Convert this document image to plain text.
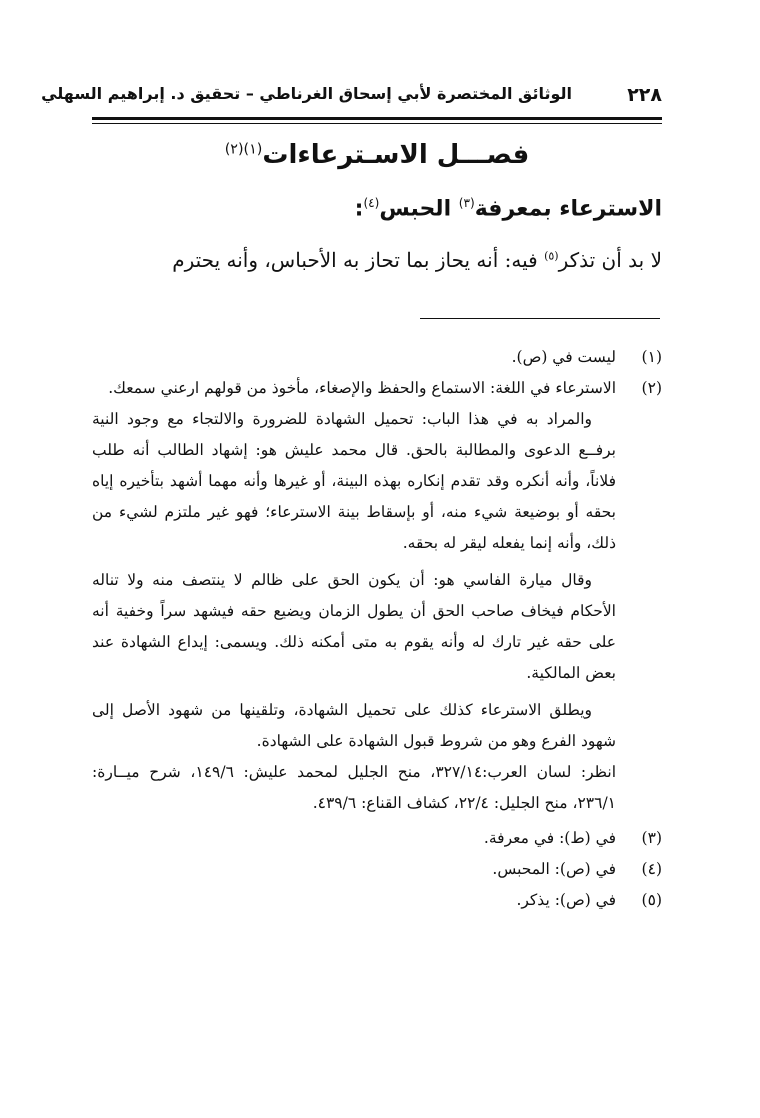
٢٢٨
الوثائق المختصرة لأبي إسحاق الغرناطي – تحقيق د. إبراهيم السهلي
فصـــل الاسـترعاءات$^{(١)(٢)}$
الاسترعاء بمعرفة$^{(٣)}$ الحبس$^{(٤)}$:
لا بد أن تذكر$^{(٥)}$ فيه: أنه يحاز بما تحاز به الأحباس، وأنه يحترم
(١)
ليست في (ص).
(٢)

الاسترعاء في اللغة: الاستماع والحفظ والإصغاء، مأخوذ من قولهم ارعني سمعك.

والمراد به في هذا الباب: تحميل الشهادة للضرورة والالتجاء مع وجود النية برفــع الدعوى والمطالبة بالحق. قال محمد عليش هو: إشهاد الطالب أنه طلب فلاناً، وأنه أنكره وقد تقدم إنكاره بهذه البينة، أو غيرها وأنه مهما أشهد بتأخيره إياه بحقه أو بوضيعة شيء منه، أو بإسقاط بينة الاسترعاء؛ فهو غير ملتزم لشيء من ذلك، وأنه إنما يفعله ليقر له بحقه.

وقال ميارة الفاسي هو: أن يكون الحق على ظالم لا ينتصف منه ولا تناله الأحكام فيخاف صاحب الحق أن يطول الزمان ويضيع حقه فيشهد سراً وخفية أنه على حقه غير تارك له وأنه يقوم به متى أمكنه ذلك. ويسمى: إيداع الشهادة عند بعض المالكية.

ويطلق الاسترعاء كذلك على تحميل الشهادة، وتلقينها من شهود الأصل إلى شهود الفرع وهو من شروط قبول الشهادة على الشهادة.

انظر: لسان العرب:٣٢٧/١٤، منح الجليل لمحمد عليش: ١٤٩/٦، شرح ميــارة: ٢٣٦/١، منح الجليل: ٢٢/٤، كشاف القناع: ٤٣٩/٦.

(٣)
في (ط): في معرفة.
(٤)
في (ص): المحبس.
(٥)
في (ص): يذكر.
